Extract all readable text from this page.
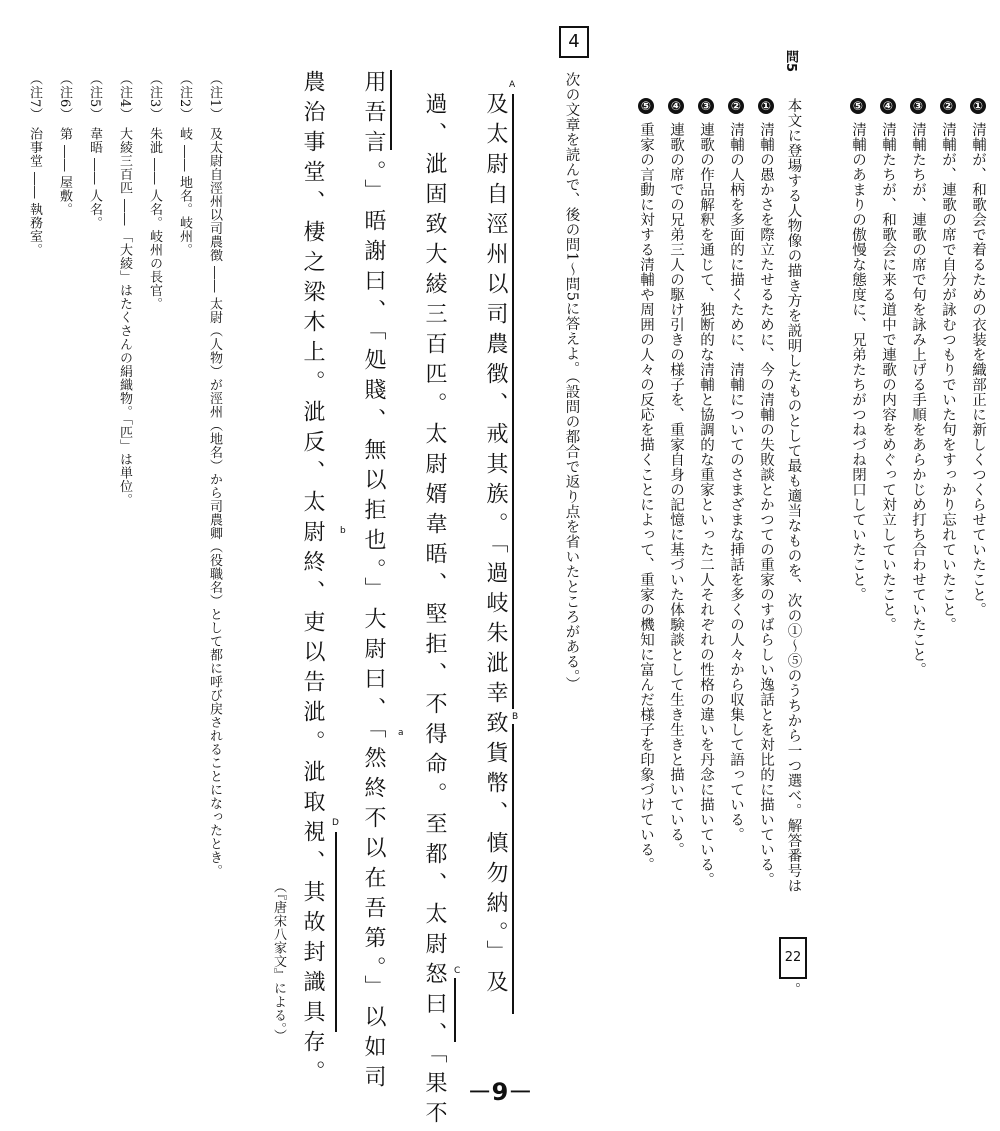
①
清輔が、和歌会で着るための衣装を織部正に新しくつくらせていたこと。
②
清輔が、連歌の席で自分が詠むつもりでいた句をすっかり忘れていたこと。
③
清輔たちが、連歌の席で句を詠み上げる手順をあらかじめ打ち合わせていたこと。
④
清輔たちが、和歌会に来る道中で連歌の内容をめぐって対立していたこと。
⑤
清輔のあまりの傲慢な態度に、兄弟たちがつねづね閉口していたこと。
問5
本文に登場する人物像の描き方を説明したものとして最も適当なものを、次の①～⑤のうちから一つ選べ。解答番号は
22
。
①
清輔の愚かさを際立たせるために、今の清輔の失敗談とかつての重家のすばらしい逸話とを対比的に描いている。
②
清輔の人柄を多面的に描くために、清輔についてのさまざまな挿話を多くの人々から収集して語っている。
③
連歌の作品解釈を通じて、独断的な清輔と協調的な重家といった二人それぞれの性格の違いを丹念に描いている。
④
連歌の席での兄弟三人の駆け引きの様子を、重家自身の記憶に基づいた体験談として生き生きと描いている。
⑤
重家の言動に対する清輔や周囲の人々の反応を描くことによって、重家の機知に富んだ様子を印象づけている。
4
次の文章を読んで、後の問1～問5に答えよ。（設問の都合で返り点を省いたところがある。）
及太尉自涇州以司農徴、戒其族。「過岐朱泚幸致貨幣、慎勿納。」及
過、泚固致大綾三百匹。太尉婿韋晤、堅拒、不得命。至都、太尉怒曰、「果不
用吾言。」晤謝曰、「処賤、無以拒也。」大尉曰、「然終不以在吾第。」以如司
農治事堂、棲之梁木上。泚反、太尉終、吏以告泚。泚取視、其故封識具存。	A
B
C
D
a
b
（『唐宋八家文』による。）
（注1）及太尉自涇州以司農徴――太尉（人物）が涇州（地名）から司農卿（役職名）として都に呼び戻されることになったとき。
（注2）岐――地名。岐州。
（注3）朱泚――人名。岐州の長官。
（注4）大綾三百匹――「大綾」はたくさんの絹織物。「匹」は単位。
（注5）韋晤――人名。
（注6）第――屋敷。
（注7）治事堂――執務室。
－9－
